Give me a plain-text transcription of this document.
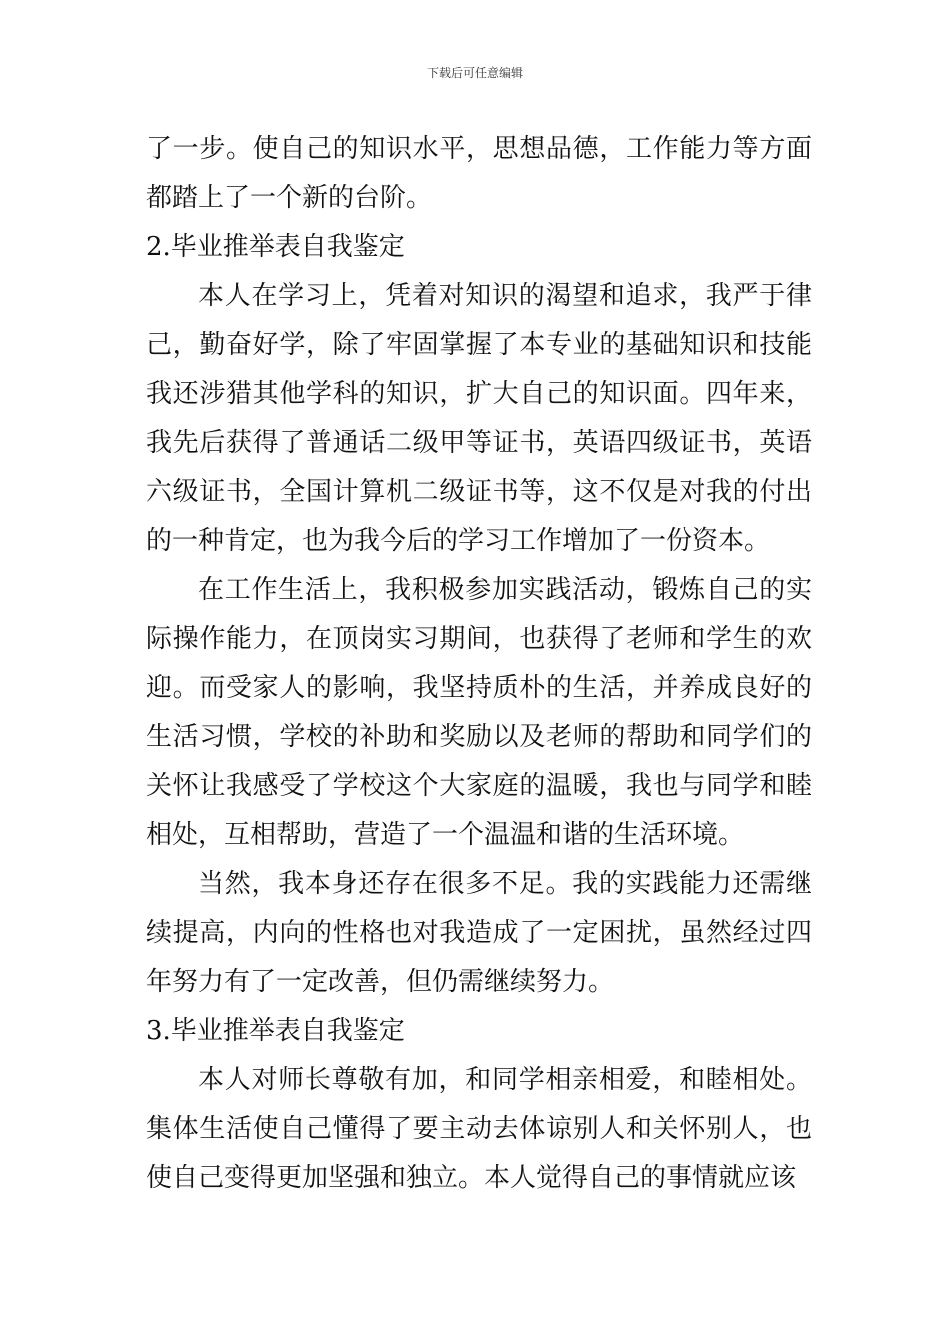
下载后可任意编辑

了一步。使自己的知识水平，思想品德，工作能力等方面都踏上了一个新的台阶。

2.毕业推举表自我鉴定

本人在学习上，凭着对知识的渴望和追求，我严于律己，勤奋好学，除了牢固掌握了本专业的基础知识和技能我还涉猎其他学科的知识，扩大自己的知识面。四年来，我先后获得了普通话二级甲等证书，英语四级证书，英语六级证书，全国计算机二级证书等，这不仅是对我的付出的一种肯定，也为我今后的学习工作增加了一份资本。

在工作生活上，我积极参加实践活动，锻炼自己的实际操作能力，在顶岗实习期间，也获得了老师和学生的欢迎。而受家人的影响，我坚持质朴的生活，并养成良好的生活习惯，学校的补助和奖励以及老师的帮助和同学们的关怀让我感受了学校这个大家庭的温暖，我也与同学和睦相处，互相帮助，营造了一个温温和谐的生活环境。

当然，我本身还存在很多不足。我的实践能力还需继续提高，内向的性格也对我造成了一定困扰，虽然经过四年努力有了一定改善，但仍需继续努力。

3.毕业推举表自我鉴定

本人对师长尊敬有加，和同学相亲相爱，和睦相处。集体生活使自己懂得了要主动去体谅别人和关怀别人，也使自己变得更加坚强和独立。本人觉得自己的事情就应该
